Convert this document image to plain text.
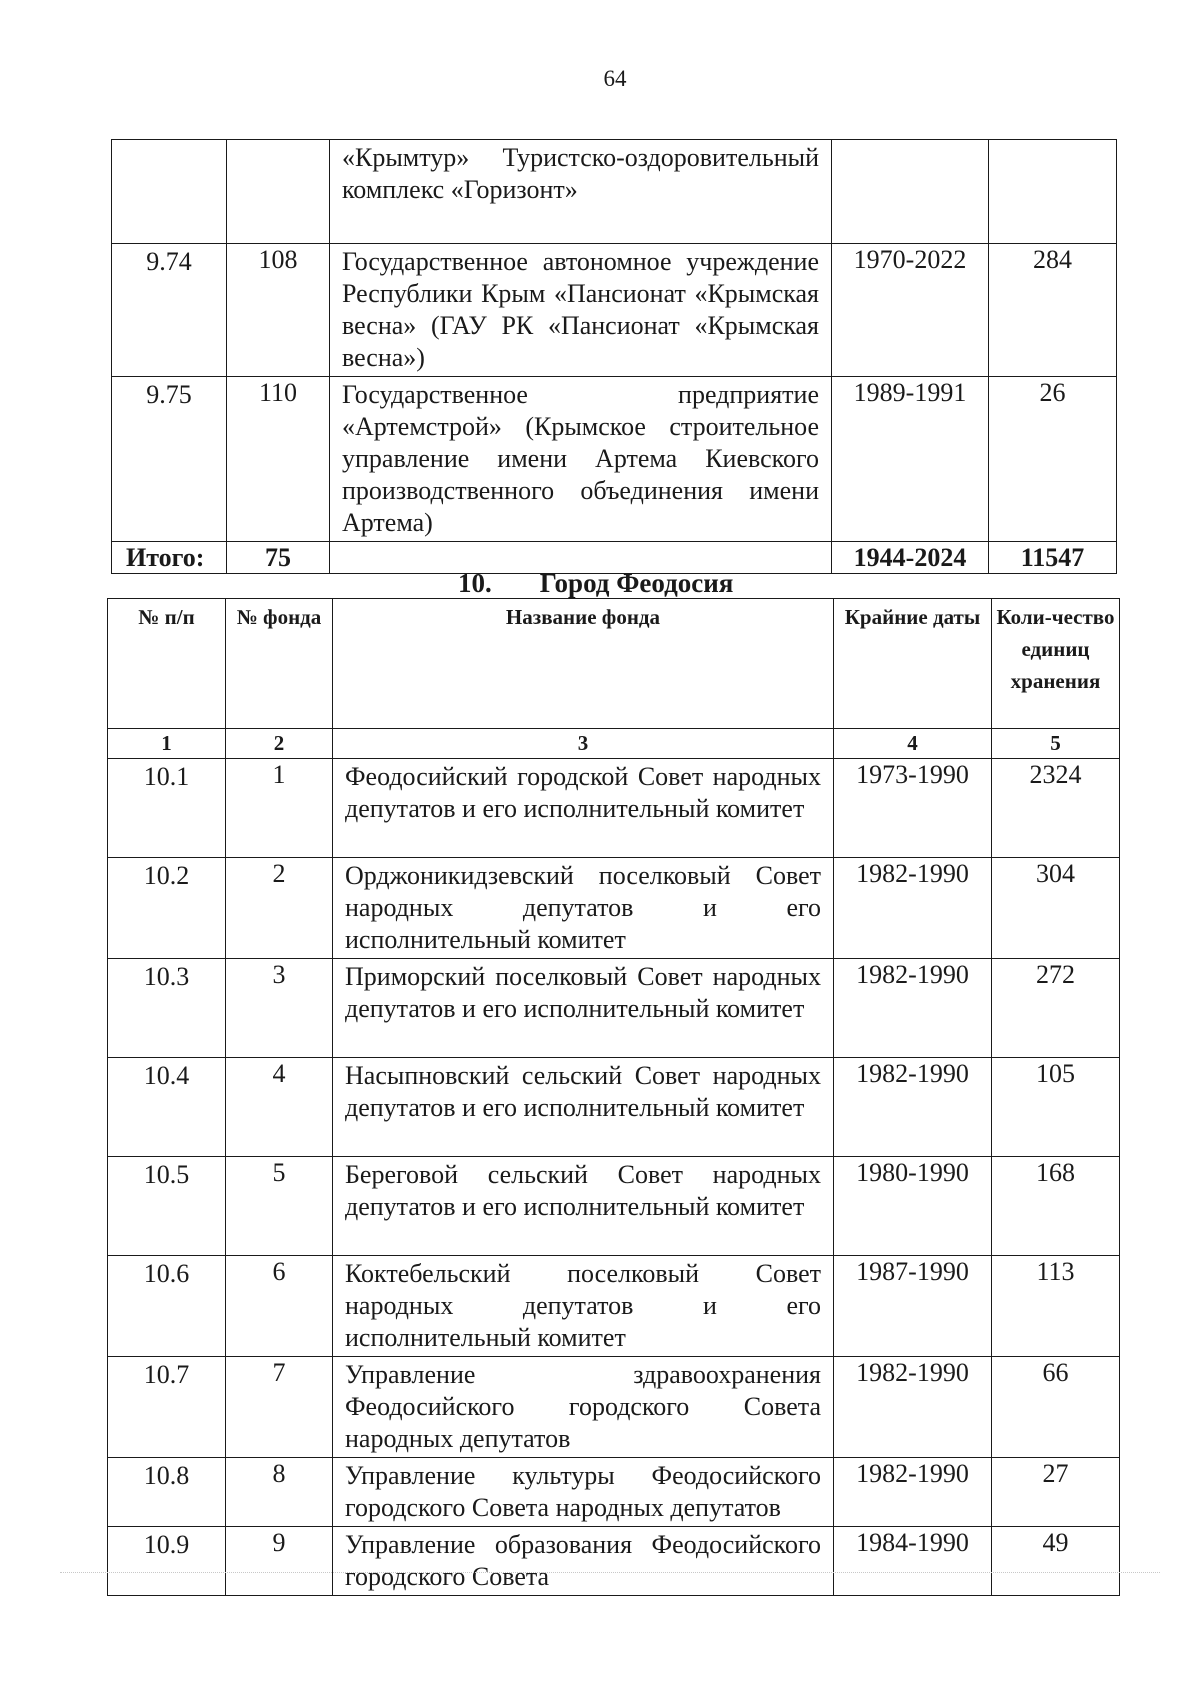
64
		«Крымтур» Туристско-оздоровительный комплекс «Горизонт»		
9.74	108	Государственное автономное учреждение Республики Крым «Пансионат «Крымская весна» (ГАУ РК «Пансионат «Крымская весна»)	1970-2022	284
9.75	110	Государственное предприятие «Артемстрой» (Крымское строительное управление имени Артема Киевского производственного объединения имени Артема)	1989-1991	26
Итого:	75		1944-2024	11547
10. Город Феодосия
№ п/п	№ фонда	Название фонда	Крайние даты	Коли-чество единиц хранения
1	2	3	4	5
10.1	1	Феодосийский городской Совет народных депутатов и его исполнительный комитет	1973-1990	2324
10.2	2	Орджоникидзевский поселковый Совет народных депутатов и его исполнительный комитет	1982-1990	304
10.3	3	Приморский поселковый Совет народных депутатов и его исполнительный комитет	1982-1990	272
10.4	4	Насыпновский сельский Совет народных депутатов и его исполнительный комитет	1982-1990	105
10.5	5	Береговой сельский Совет народных депутатов и его исполнительный комитет	1980-1990	168
10.6	6	Коктебельский поселковый Совет народных депутатов и его исполнительный комитет	1987-1990	113
10.7	7	Управление здравоохранения Феодосийского городского Совета народных депутатов	1982-1990	66
10.8	8	Управление культуры Феодосийского городского Совета народных депутатов	1982-1990	27
10.9	9	Управление образования Феодосийского городского Совета	1984-1990	49
